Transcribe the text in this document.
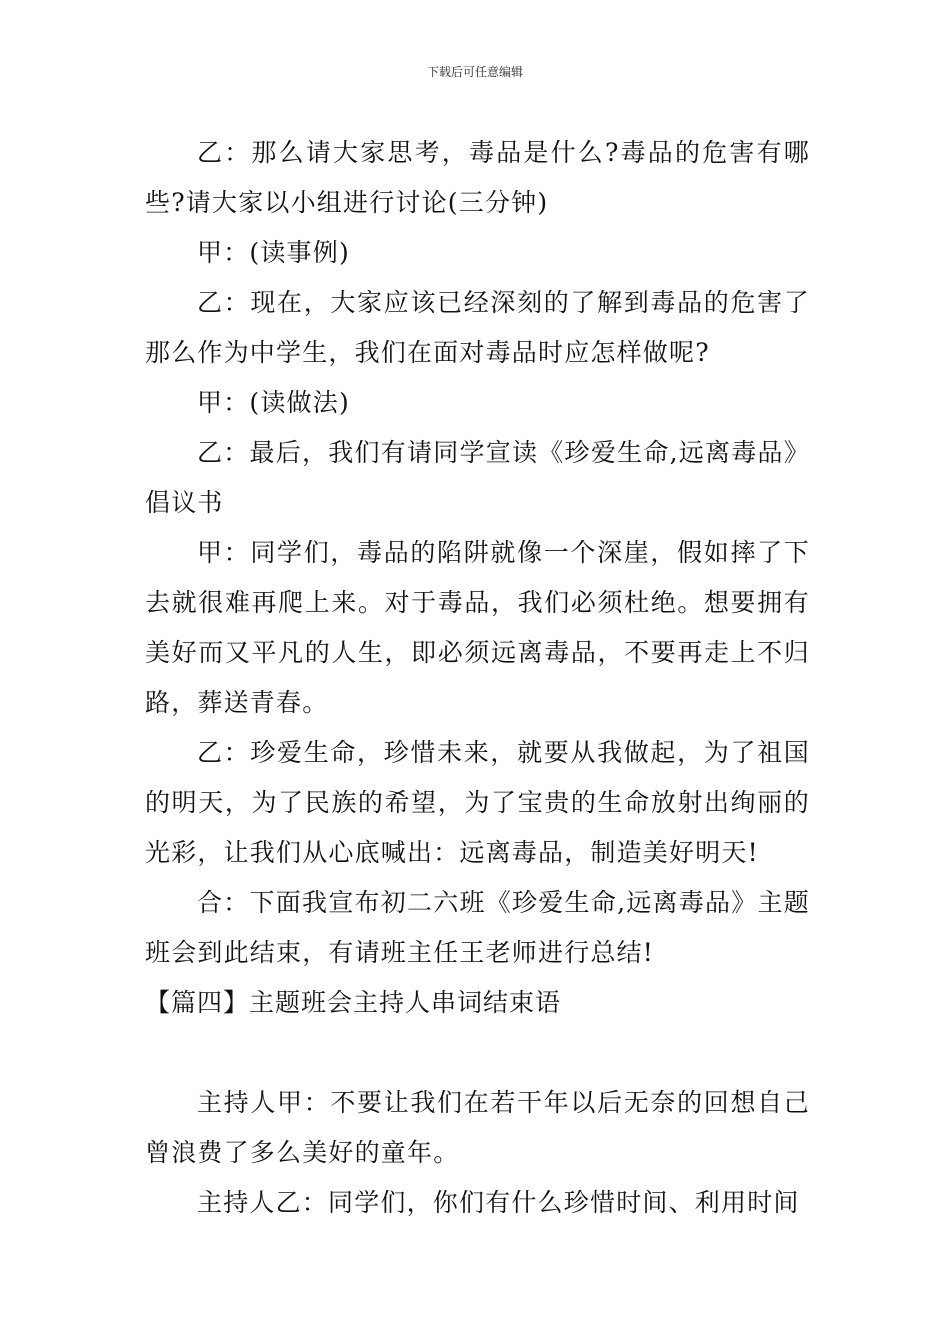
下载后可任意编辑

乙：那么请大家思考，毒品是什么?毒品的危害有哪些?请大家以小组进行讨论(三分钟)

甲：(读事例)

乙：现在，大家应该已经深刻的了解到毒品的危害了那么作为中学生，我们在面对毒品时应怎样做呢?

甲：(读做法)

乙：最后，我们有请同学宣读《珍爱生命,远离毒品》倡议书

甲：同学们，毒品的陷阱就像一个深崖，假如摔了下去就很难再爬上来。对于毒品，我们必须杜绝。想要拥有美好而又平凡的人生，即必须远离毒品，不要再走上不归路，葬送青春。

乙：珍爱生命，珍惜未来，就要从我做起，为了祖国的明天，为了民族的希望，为了宝贵的生命放射出绚丽的光彩，让我们从心底喊出：远离毒品，制造美好明天!

合：下面我宣布初二六班《珍爱生命,远离毒品》主题班会到此结束，有请班主任王老师进行总结!

【篇四】主题班会主持人串词结束语

主持人甲：不要让我们在若干年以后无奈的回想自己曾浪费了多么美好的童年。

主持人乙：同学们，你们有什么珍惜时间、利用时间
